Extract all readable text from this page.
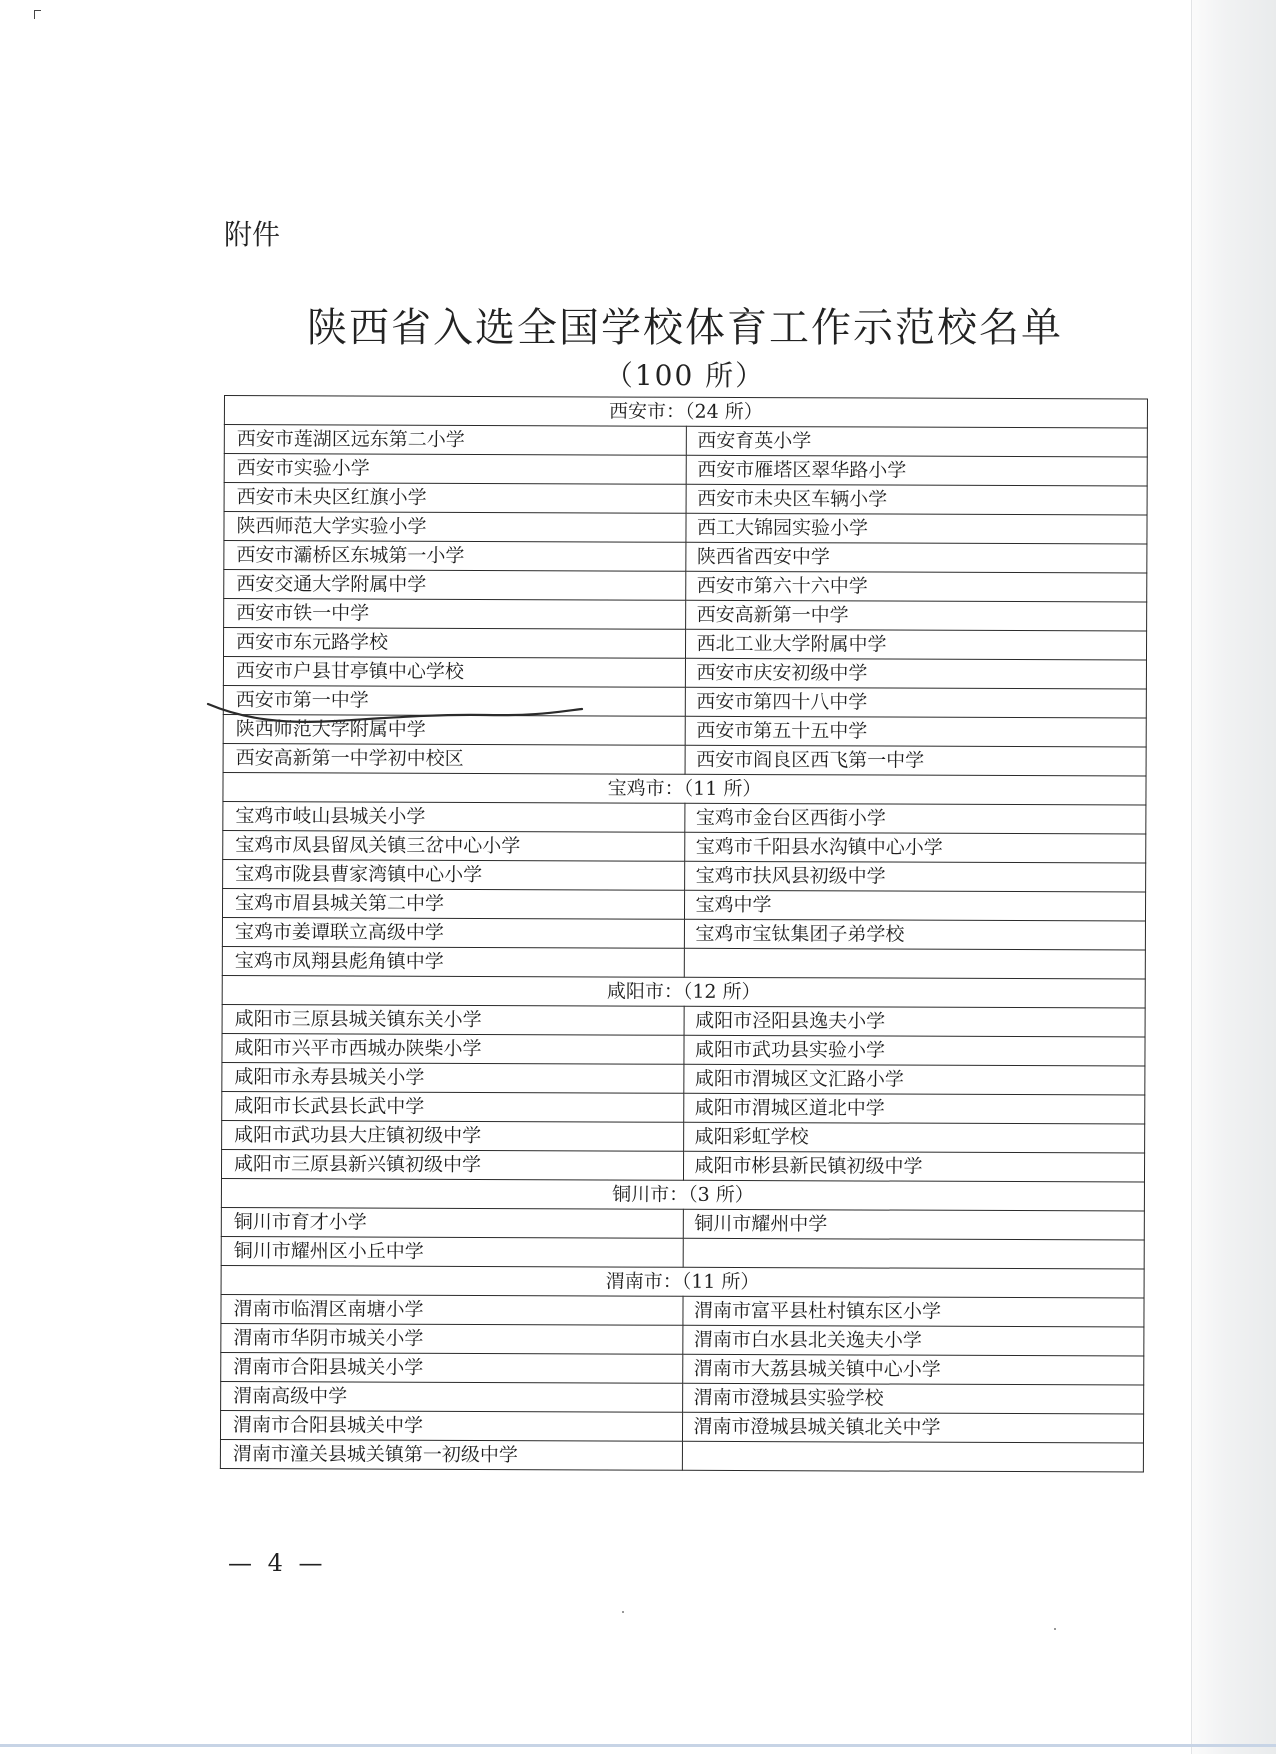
附件
陕西省入选全国学校体育工作示范校名单
（100 所）
西安市：（24 所）	
西安市莲湖区远东第二小学	西安育英小学
西安市实验小学	西安市雁塔区翠华路小学
西安市未央区红旗小学	西安市未央区车辆小学
陕西师范大学实验小学	西工大锦园实验小学
西安市灞桥区东城第一小学	陕西省西安中学
西安交通大学附属中学	西安市第六十六中学
西安市铁一中学	西安高新第一中学
西安市东元路学校	西北工业大学附属中学
西安市户县甘亭镇中心学校	西安市庆安初级中学
西安市第一中学	西安市第四十八中学
陕西师范大学附属中学	西安市第五十五中学
西安高新第一中学初中校区	西安市阎良区西飞第一中学
宝鸡市：（11 所）	
宝鸡市岐山县城关小学	宝鸡市金台区西街小学
宝鸡市凤县留凤关镇三岔中心小学	宝鸡市千阳县水沟镇中心小学
宝鸡市陇县曹家湾镇中心小学	宝鸡市扶风县初级中学
宝鸡市眉县城关第二中学	宝鸡中学
宝鸡市姜谭联立高级中学	宝鸡市宝钛集团子弟学校
宝鸡市凤翔县彪角镇中学	
咸阳市：（12 所）	
咸阳市三原县城关镇东关小学	咸阳市泾阳县逸夫小学
咸阳市兴平市西城办陕柴小学	咸阳市武功县实验小学
咸阳市永寿县城关小学	咸阳市渭城区文汇路小学
咸阳市长武县长武中学	咸阳市渭城区道北中学
咸阳市武功县大庄镇初级中学	咸阳彩虹学校
咸阳市三原县新兴镇初级中学	咸阳市彬县新民镇初级中学
铜川市：（3 所）	
铜川市育才小学	铜川市耀州中学
铜川市耀州区小丘中学	
渭南市：（11 所）	
渭南市临渭区南塘小学	渭南市富平县杜村镇东区小学
渭南市华阴市城关小学	渭南市白水县北关逸夫小学
渭南市合阳县城关小学	渭南市大荔县城关镇中心小学
渭南高级中学	渭南市澄城县实验学校
渭南市合阳县城关中学	渭南市澄城县城关镇北关中学
渭南市潼关县城关镇第一初级中学	
— 4 —
